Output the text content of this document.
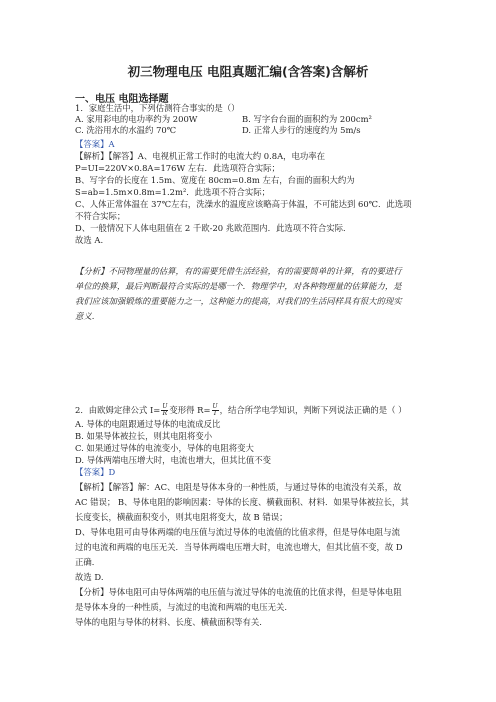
初三物理电压 电阻真题汇编(含答案)含解析
一、电压 电阻选择题
1．家庭生活中，下列估测符合事实的是（）
A. 家用彩电的电功率约为 200W	B. 写字台台面的面积约为 200cm²
C. 洗浴用水的水温约 70℃	D. 正常人步行的速度约为 5m/s
【答案】A
【解析】【解答】A、电视机正常工作时的电流大约 0.8A，电功率在
P=UI=220V×0.8A=176W 左右．此选项符合实际；
B、写字台的长度在 1.5m、宽度在 80cm=0.8m 左右，台面的面积大约为
S=ab=1.5m×0.8m=1.2m²．此选项不符合实际；
C、人体正常体温在 37℃左右，洗澡水的温度应该略高于体温，不可能达到 60℃．此选项
不符合实际；
D、一般情况下人体电阻值在 2 千欧-20 兆欧范围内．此选项不符合实际．
故选 A.
【分析】不同物理量的估算，有的需要凭借生活经验，有的需要简单的计算，有的要进行
单位的换算，最后判断最符合实际的是哪一个．物理学中，对各种物理量的估算能力，是
我们应该加强锻炼的重要能力之一，这种能力的提高，对我们的生活同样具有很大的现实
意义.
2．由欧姆定律公式 $I= \frac{U}{R}$ 变形得 $R= \frac{U}{I}$ ，结合所学电学知识，判断下列说法正确的是（ ）
A. 导体的电阻跟通过导体的电流成反比
B. 如果导体被拉长，则其电阻将变小
C. 如果通过导体的电流变小，导体的电阻将变大
D. 导体两端电压增大时，电流也增大，但其比值不变
【答案】D
【解析】【解答】解：AC、电阻是导体本身的一种性质，与通过导体的电流没有关系，故
AC 错误； B、导体电阻的影响因素：导体的长度、横截面积、材料．如果导体被拉长，其
长度变长，横截面积变小，则其电阻将变大，故 B 错误；
D、导体电阻可由导体两端的电压值与流过导体的电流值的比值求得，但是导体电阻与流
过的电流和两端的电压无关．当导体两端电压增大时，电流也增大，但其比值不变，故 D
正确．
故选 D.
【分析】导体电阻可由导体两端的电压值与流过导体的电流值的比值求得，但是导体电阻
是导体本身的一种性质，与流过的电流和两端的电压无关.
导体的电阻与导体的材料、长度、横截面积等有关.
